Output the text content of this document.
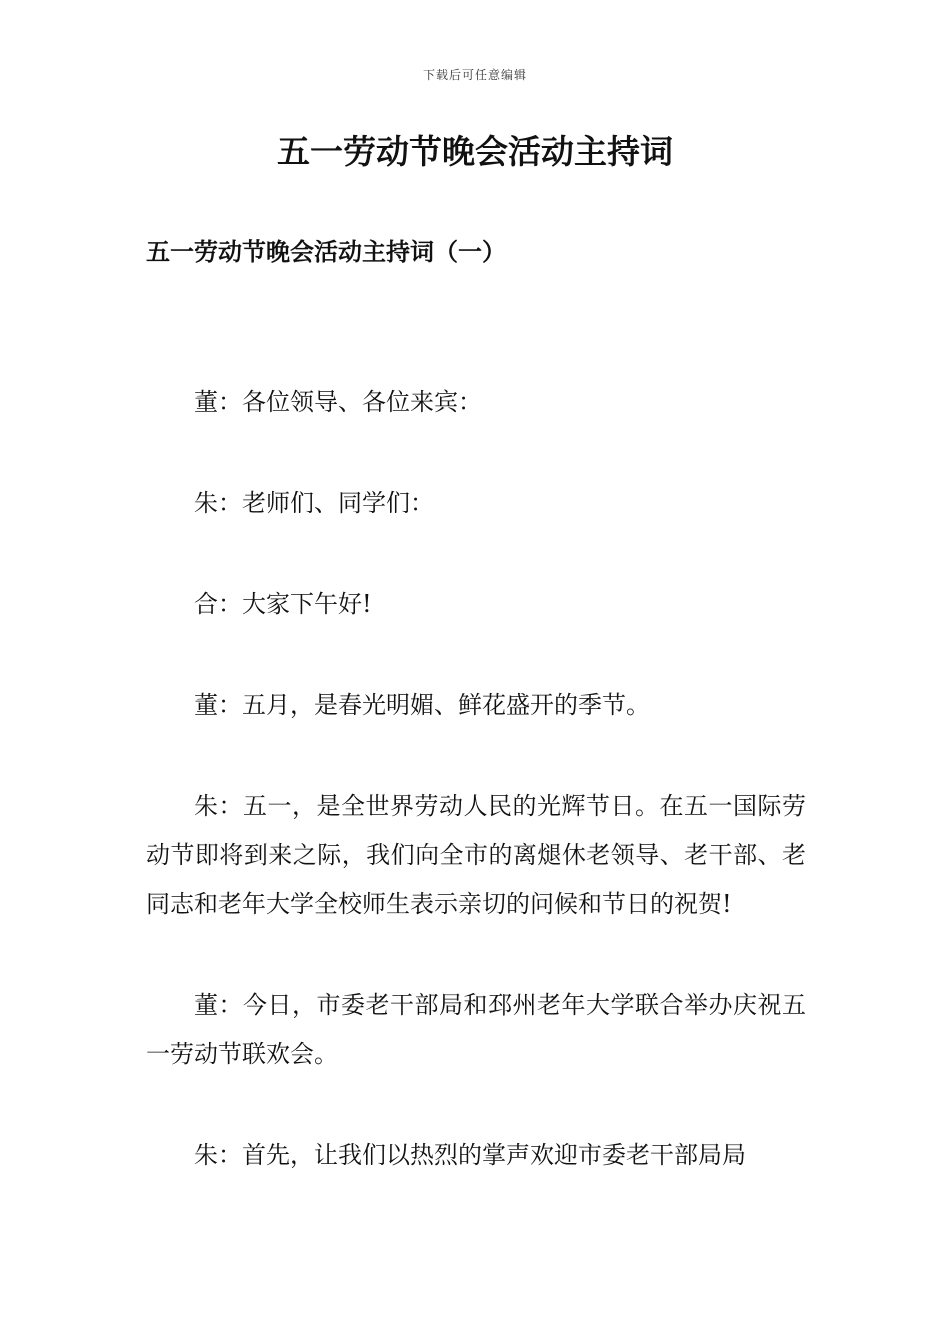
下载后可任意编辑
五一劳动节晚会活动主持词
五一劳动节晚会活动主持词（一）

董：各位领导、各位来宾：

朱：老师们、同学们：

合：大家下午好!

董：五月，是春光明媚、鲜花盛开的季节。

朱：五一，是全世界劳动人民的光辉节日。在五一国际劳动节即将到来之际，我们向全市的离煺休老领导、老干部、老同志和老年大学全校师生表示亲切的问候和节日的祝贺!

董：今日，市委老干部局和邳州老年大学联合举办庆祝五一劳动节联欢会。

朱：首先，让我们以热烈的掌声欢迎市委老干部局局
